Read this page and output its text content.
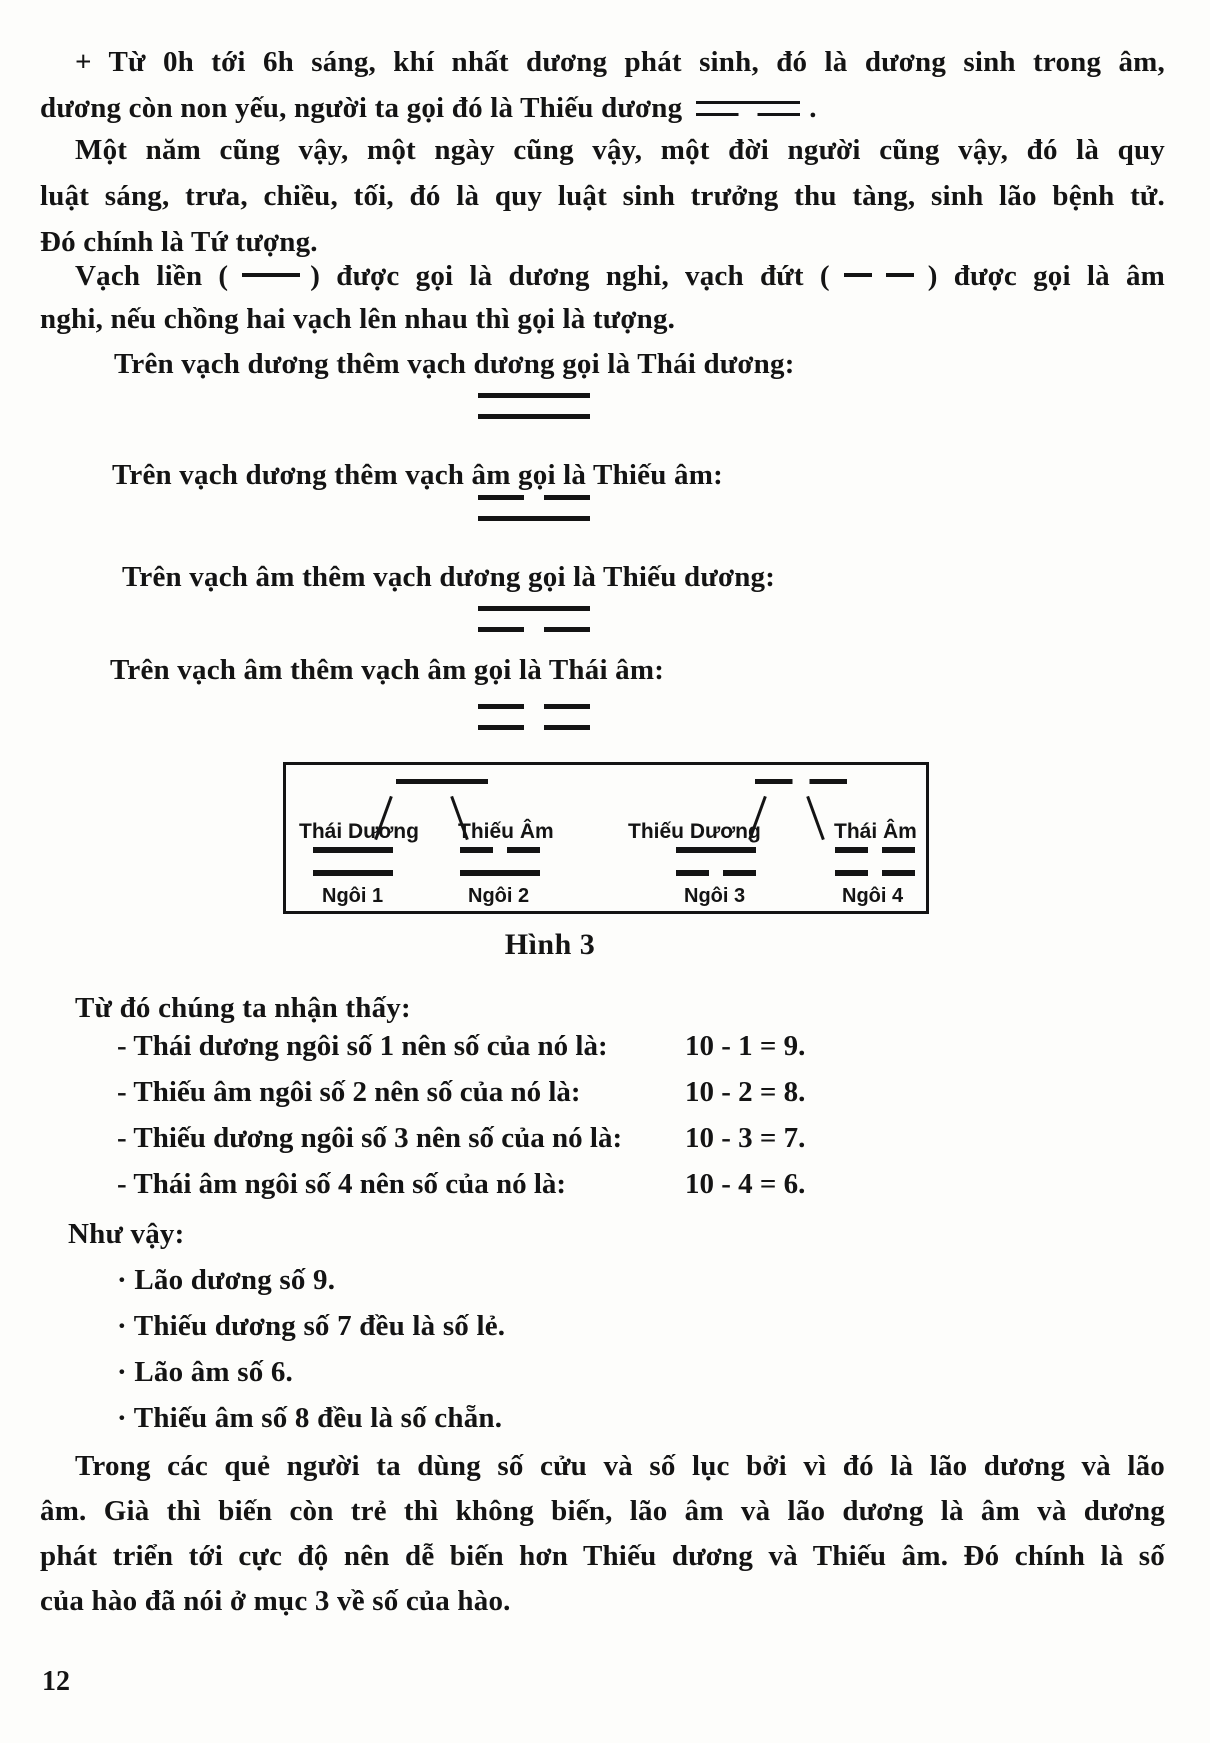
+ Từ 0h tới 6h sáng, khí nhất dương phát sinh, đó là dương sinh trong âm,
dương còn non yếu, người ta gọi đó là Thiếu dương	.
Một năm cũng vậy, một ngày cũng vậy, một đời người cũng vậy, đó là quy
luật sáng, trưa, chiều, tối, đó là quy luật sinh trưởng thu tàng, sinh lão bệnh tử.
Đó chính là Tứ tượng.
Vạch liền (	) được gọi là dương nghi, vạch đứt (	) được gọi là âm
nghi, nếu chồng hai vạch lên nhau thì gọi là tượng.
Trên vạch dương thêm vạch dương gọi là Thái dương:
Trên vạch dương thêm vạch âm gọi là Thiếu âm:
Trên vạch âm thêm vạch dương gọi là Thiếu dương:
Trên vạch âm thêm vạch âm gọi là Thái âm:
Thái Dương
Ngôi 1
Thiếu Âm
Ngôi 2
Thiếu Dương
Ngôi 3
Thái Âm
Ngôi 4
Hình 3
Từ đó chúng ta nhận thấy:
- Thái dương ngôi số 1 nên số của nó là:	10 - 1 = 9.
- Thiếu âm ngôi số 2 nên số của nó là:	10 - 2 = 8.
- Thiếu dương ngôi số 3 nên số của nó là: 10 - 3 = 7.
- Thái âm ngôi số 4 nên số của nó là:	10 - 4 = 6.
Như vậy:
· Lão dương số 9.
· Thiếu dương số 7 đều là số lẻ.
· Lão âm số 6.
· Thiếu âm số 8 đều là số chẵn.
Trong các quẻ người ta dùng số cửu và số lục bởi vì đó là lão dương và lão
âm. Già thì biến còn trẻ thì không biến, lão âm và lão dương là âm và dương
phát triển tới cực độ nên dễ biến hơn Thiếu dương và Thiếu âm. Đó chính là số
của hào đã nói ở mục 3 về số của hào.
12
